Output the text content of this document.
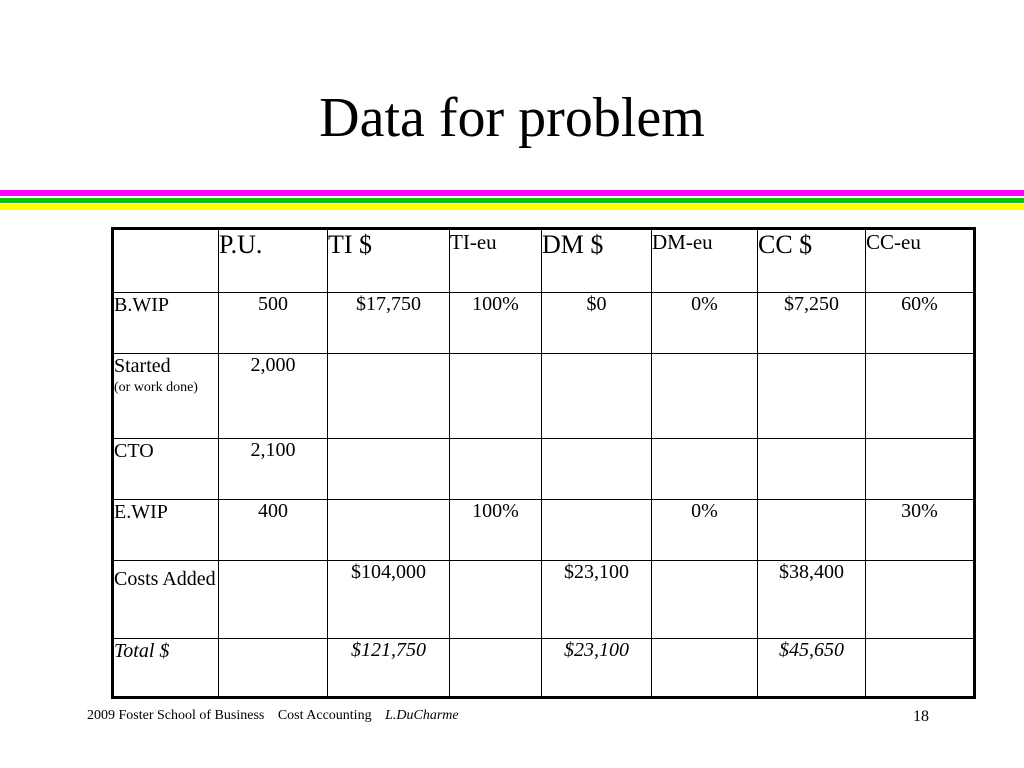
Data for problem
	P.U.	TI $	TI-eu	DM $	DM-eu	CC $	CC-eu
B.WIP	500	$17,750	100%	$0	0%	$7,250	60%
Started
(or work done)	2,000						
CTO	2,100						
E.WIP	400		100%		0%		30%
Costs Added		$104,000		$23,100		$38,400	
Total $		$121,750		$23,100		$45,650	
2009 Foster School of Business Cost Accounting L.DuCharme	18
